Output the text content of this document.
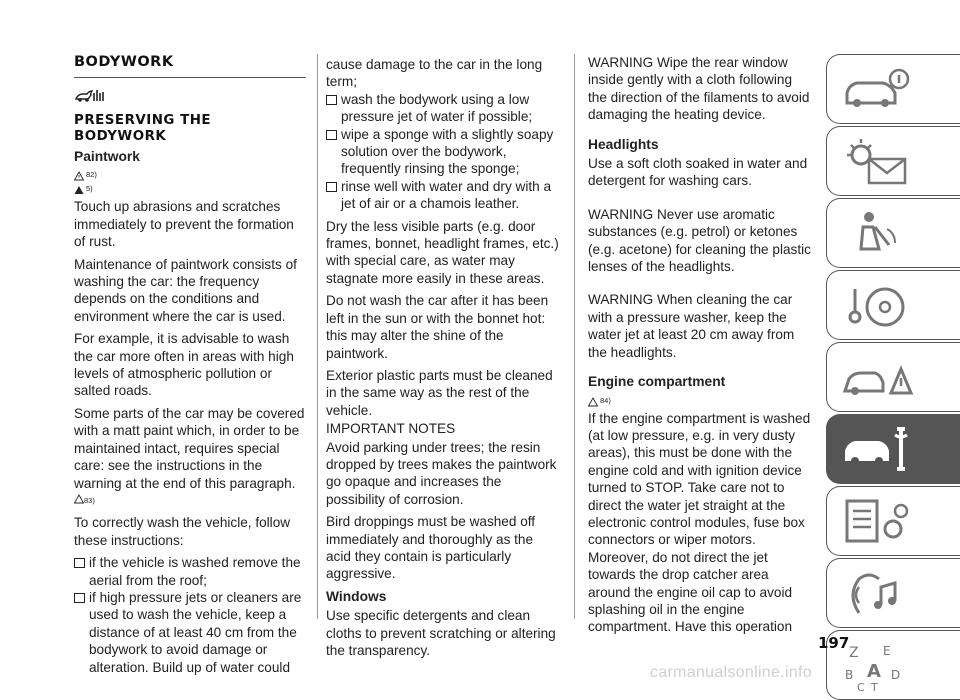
BODYWORK
PRESERVING THE BODYWORK
Paintwork
82)
5)

Touch up abrasions and scratches immediately to prevent the formation of rust.

Maintenance of paintwork consists of washing the car: the frequency depends on the conditions and environment where the car is used.

For example, it is advisable to wash the car more often in areas with high levels of atmospheric pollution or salted roads.

Some parts of the car may be covered with a matt paint which, in order to be maintained intact, requires special care: see the instructions in the warning at the end of this paragraph. $^{83)}$

To correctly wash the vehicle, follow these instructions:

if the vehicle is washed remove the aerial from the roof;
if high pressure jets or cleaners are used to wash the vehicle, keep a distance of at least 40 cm from the bodywork to avoid damage or alteration. Build up of water could

cause damage to the car in the long term;

wash the bodywork using a low pressure jet of water if possible;
wipe a sponge with a slightly soapy solution over the bodywork, frequently rinsing the sponge;
rinse well with water and dry with a jet of air or a chamois leather.

Dry the less visible parts (e.g. door frames, bonnet, headlight frames, etc.) with special care, as water may stagnate more easily in these areas.

Do not wash the car after it has been left in the sun or with the bonnet hot: this may alter the shine of the paintwork.

Exterior plastic parts must be cleaned in the same way as the rest of the vehicle.

IMPORTANT NOTES

Avoid parking under trees; the resin dropped by trees makes the paintwork go opaque and increases the possibility of corrosion.

Bird droppings must be washed off immediately and thoroughly as the acid they contain is particularly aggressive.

Windows

Use specific detergents and clean cloths to prevent scratching or altering the transparency.

WARNING Wipe the rear window inside gently with a cloth following the direction of the filaments to avoid damaging the heating device.

Headlights

Use a soft cloth soaked in water and detergent for washing cars.

WARNING Never use aromatic substances (e.g. petrol) or ketones (e.g. acetone) for cleaning the plastic lenses of the headlights.

WARNING When cleaning the car with a pressure washer, keep the water jet at least 20 cm away from the headlights.

Engine compartment
84)

If the engine compartment is washed (at low pressure, e.g. in very dusty areas), this must be done with the engine cold and with ignition device turned to STOP. Take care not to direct the water jet straight at the electronic control modules, fuse box connectors or wiper motors. Moreover, do not direct the jet towards the drop catcher area around the engine oil cap to avoid splashing oil in the engine compartment. Have this operation

Z E
B A D
C T
197
carmanualsonline.info
